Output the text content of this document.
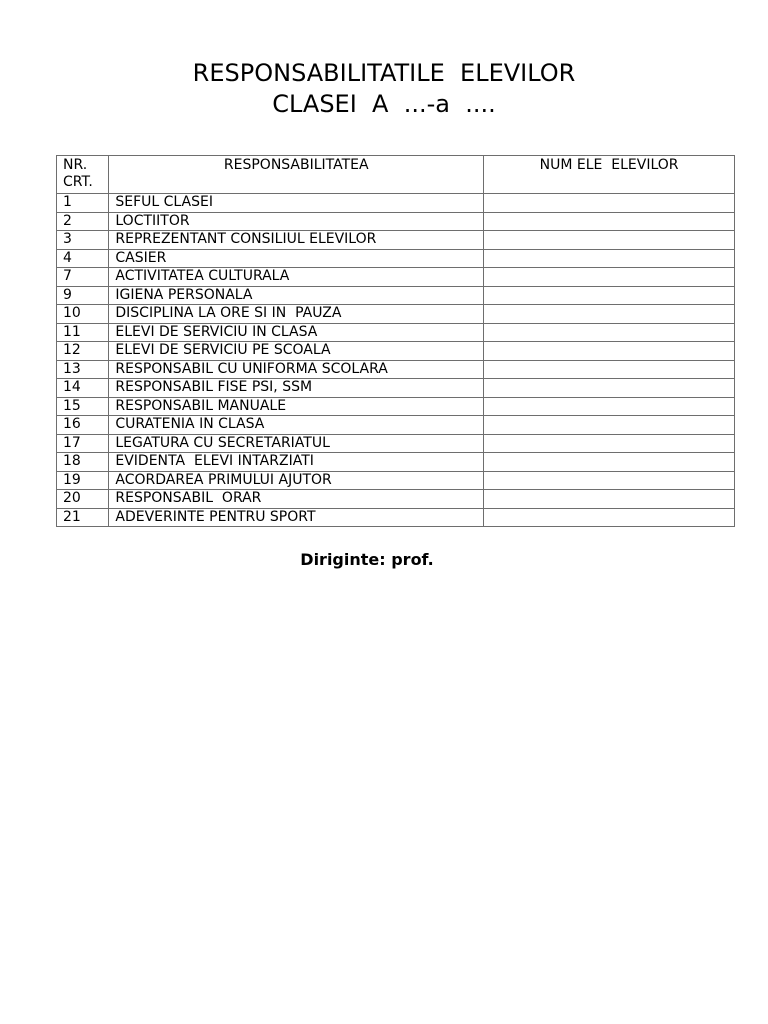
RESPONSABILITATILE  ELEVILOR
CLASEI  A  ...-a  ....
NR. CRT.	RESPONSABILITATEA	NUM ELE  ELEVILOR
1	SEFUL CLASEI	
2	LOCTIITOR	
3	REPREZENTANT CONSILIUL ELEVILOR	
4	CASIER	
7	ACTIVITATEA CULTURALA	
9	IGIENA PERSONALA	
10	DISCIPLINA LA ORE SI IN  PAUZA	
11	ELEVI DE SERVICIU IN CLASA	
12	ELEVI DE SERVICIU PE SCOALA	
13	RESPONSABIL CU UNIFORMA SCOLARA	
14	RESPONSABIL FISE PSI, SSM	
15	RESPONSABIL MANUALE	
16	CURATENIA IN CLASA	
17	LEGATURA CU SECRETARIATUL	
18	EVIDENTA  ELEVI INTARZIATI	
19	ACORDAREA PRIMULUI AJUTOR	
20	RESPONSABIL  ORAR	
21	ADEVERINTE PENTRU SPORT	
Diriginte: prof.
